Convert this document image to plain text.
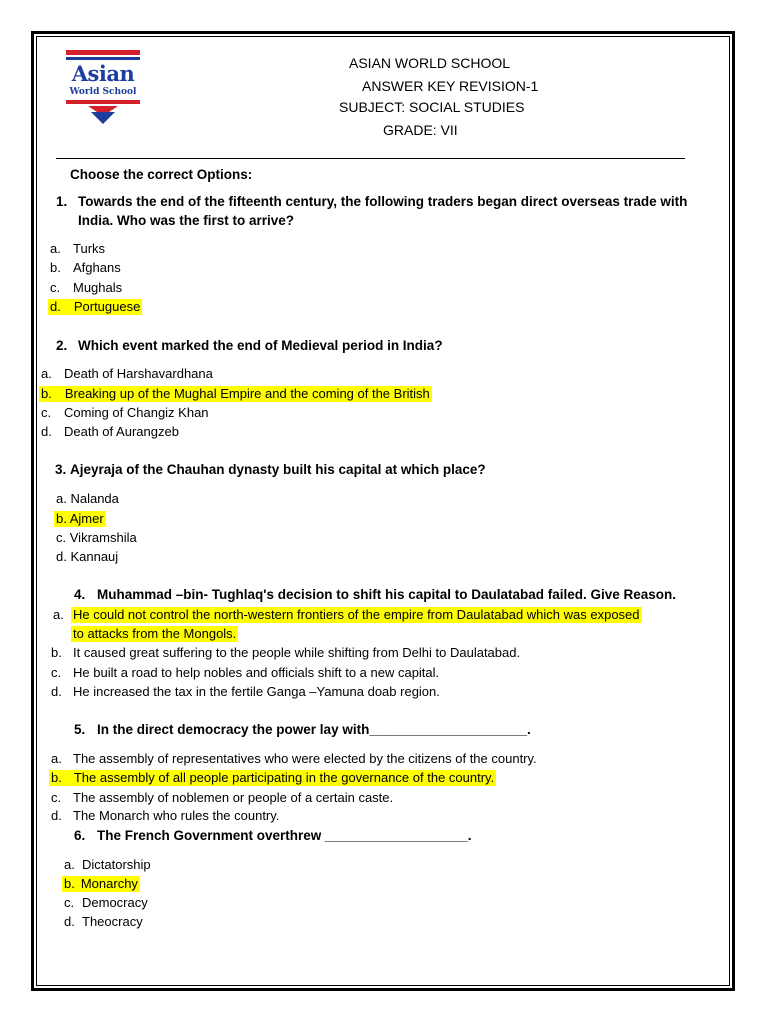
Asian
World School
ASIAN WORLD SCHOOL
ANSWER KEY REVISION-1
SUBJECT: SOCIAL STUDIES
GRADE: VII
Choose the correct Options:
1. Towards the end of the fifteenth century, the following traders began direct overseas trade with India. Who was the first to arrive?
a. Turks
b. Afghans
c. Mughals
d. Portuguese
2. Which event marked the end of Medieval period in India?
a. Death of Harshavardhana
b. Breaking up of the Mughal Empire and the coming of the British
c. Coming of Changiz Khan
d. Death of Aurangzeb
3. Ajeyraja of the Chauhan dynasty built his capital at which place?
a. Nalanda
b. Ajmer
c. Vikramshila
d. Kannauj
4. Muhammad –bin- Tughlaq's decision to shift his capital to Daulatabad failed. Give Reason.
a. He could not control the north-western frontiers of the empire from Daulatabad which was exposed
to attacks from the Mongols.
b. It caused great suffering to the people while shifting from Delhi to Daulatabad.
c. He built a road to help nobles and officials shift to a new capital.
d. He increased the tax in the fertile Ganga –Yamuna doab region.
5. In the direct democracy the power lay with_____________________.
a. The assembly of representatives who were elected by the citizens of the country.
b. The assembly of all people participating in the governance of the country.
c. The assembly of noblemen or people of a certain caste.
d. The Monarch who rules the country.
6. The French Government overthrew ___________________.
a. Dictatorship
b. Monarchy
c. Democracy
d. Theocracy
